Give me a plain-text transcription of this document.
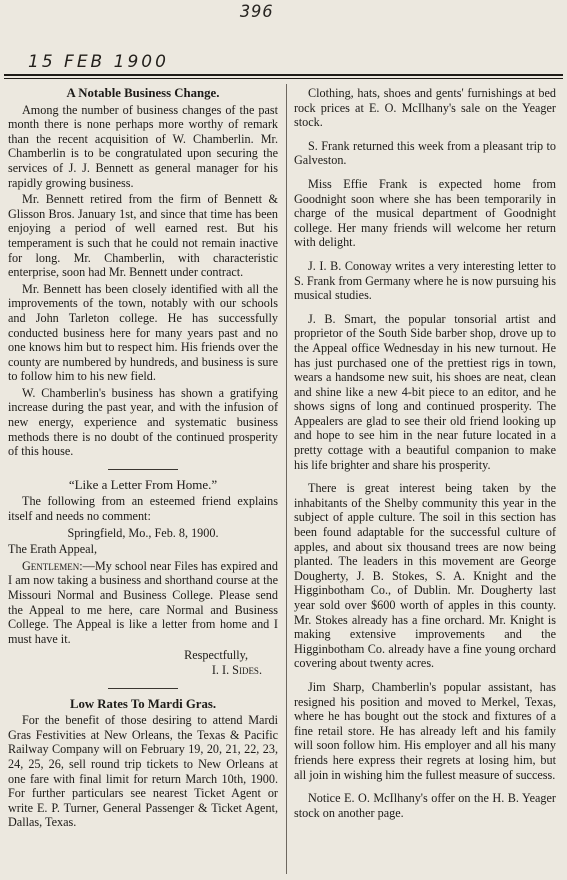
396
15 FEB 1900
A Notable Business Change.

Among the number of business changes of the past month there is none perhaps more worthy of remark than the recent acquisition of W. Chamberlin. Mr. Chamberlin is to be congratulated upon securing the services of J. J. Bennett as general manager for his rapidly growing business.

Mr. Bennett retired from the firm of Bennett & Glisson Bros. January 1st, and since that time has been enjoying a period of well earned rest. But his temperament is such that he could not remain inactive for long. Mr. Chamberlin, with characteristic enterprise, soon had Mr. Bennett under contract.

Mr. Bennett has been closely identified with all the improvements of the town, notably with our schools and John Tarleton college. He has successfully conducted business here for many years past and no one knows him but to respect him. His friends over the county are numbered by hundreds, and business is sure to follow him to his new field.

W. Chamberlin's business has shown a gratifying increase during the past year, and with the infusion of new energy, experience and systematic business methods there is no doubt of the continued prosperity of this house.

“Like a Letter From Home.”

The following from an esteemed friend explains itself and needs no comment:

Springfield, Mo., Feb. 8, 1900.

The Erath Appeal,

Gentlemen:—My school near Files has expired and I am now taking a business and shorthand course at the Missouri Normal and Business College. Please send the Appeal to me here, care Normal and Business College. The Appeal is like a letter from home and I must have it.

Respectfully,

I. I. Sides.

Low Rates To Mardi Gras.

For the benefit of those desiring to attend Mardi Gras Festivities at New Orleans, the Texas & Pacific Railway Company will on February 19, 20, 21, 22, 23, 24, 25, 26, sell round trip tickets to New Orleans at one fare with final limit for return March 10th, 1900. For further particulars see nearest Ticket Agent or write E. P. Turner, General Passenger & Ticket Agent, Dallas, Texas.

Clothing, hats, shoes and gents' furnishings at bed rock prices at E. O. McIlhany's sale on the Yeager stock.

S. Frank returned this week from a pleasant trip to Galveston.

Miss Effie Frank is expected home from Goodnight soon where she has been temporarily in charge of the musical department of Goodnight college. Her many friends will welcome her return with delight.

J. I. B. Conoway writes a very interesting letter to S. Frank from Germany where he is now pursuing his musical studies.

J. B. Smart, the popular tonsorial artist and proprietor of the South Side barber shop, drove up to the Appeal office Wednesday in his new turnout. He has just purchased one of the prettiest rigs in town, wears a handsome new suit, his shoes are neat, clean and shine like a new 4-bit piece to an editor, and he shows signs of long and continued prosperity. The Appealers are glad to see their old friend looking up and hope to see him in the near future located in a pretty cottage with a beautiful companion to make his life brighter and share his prosperity.

There is great interest being taken by the inhabitants of the Shelby community this year in the subject of apple culture. The soil in this section has been found adaptable for the successful culture of apples, and about six thousand trees are now being planted. The leaders in this movement are George Dougherty, J. B. Stokes, S. A. Knight and the Higginbotham Co., of Dublin. Mr. Dougherty last year sold over $600 worth of apples in this county. Mr. Stokes already has a fine orchard. Mr. Knight is making extensive improvements and the Higginbotham Co. already have a fine young orchard covering about twenty acres.

Jim Sharp, Chamberlin's popular assistant, has resigned his position and moved to Merkel, Texas, where he has bought out the stock and fixtures of a fine retail store. He has already left and his family will soon follow him. His employer and all his many friends here express their regrets at losing him, but all join in wishing him the fullest measure of success.

Notice E. O. McIlhany's offer on the H. B. Yeager stock on another page.
